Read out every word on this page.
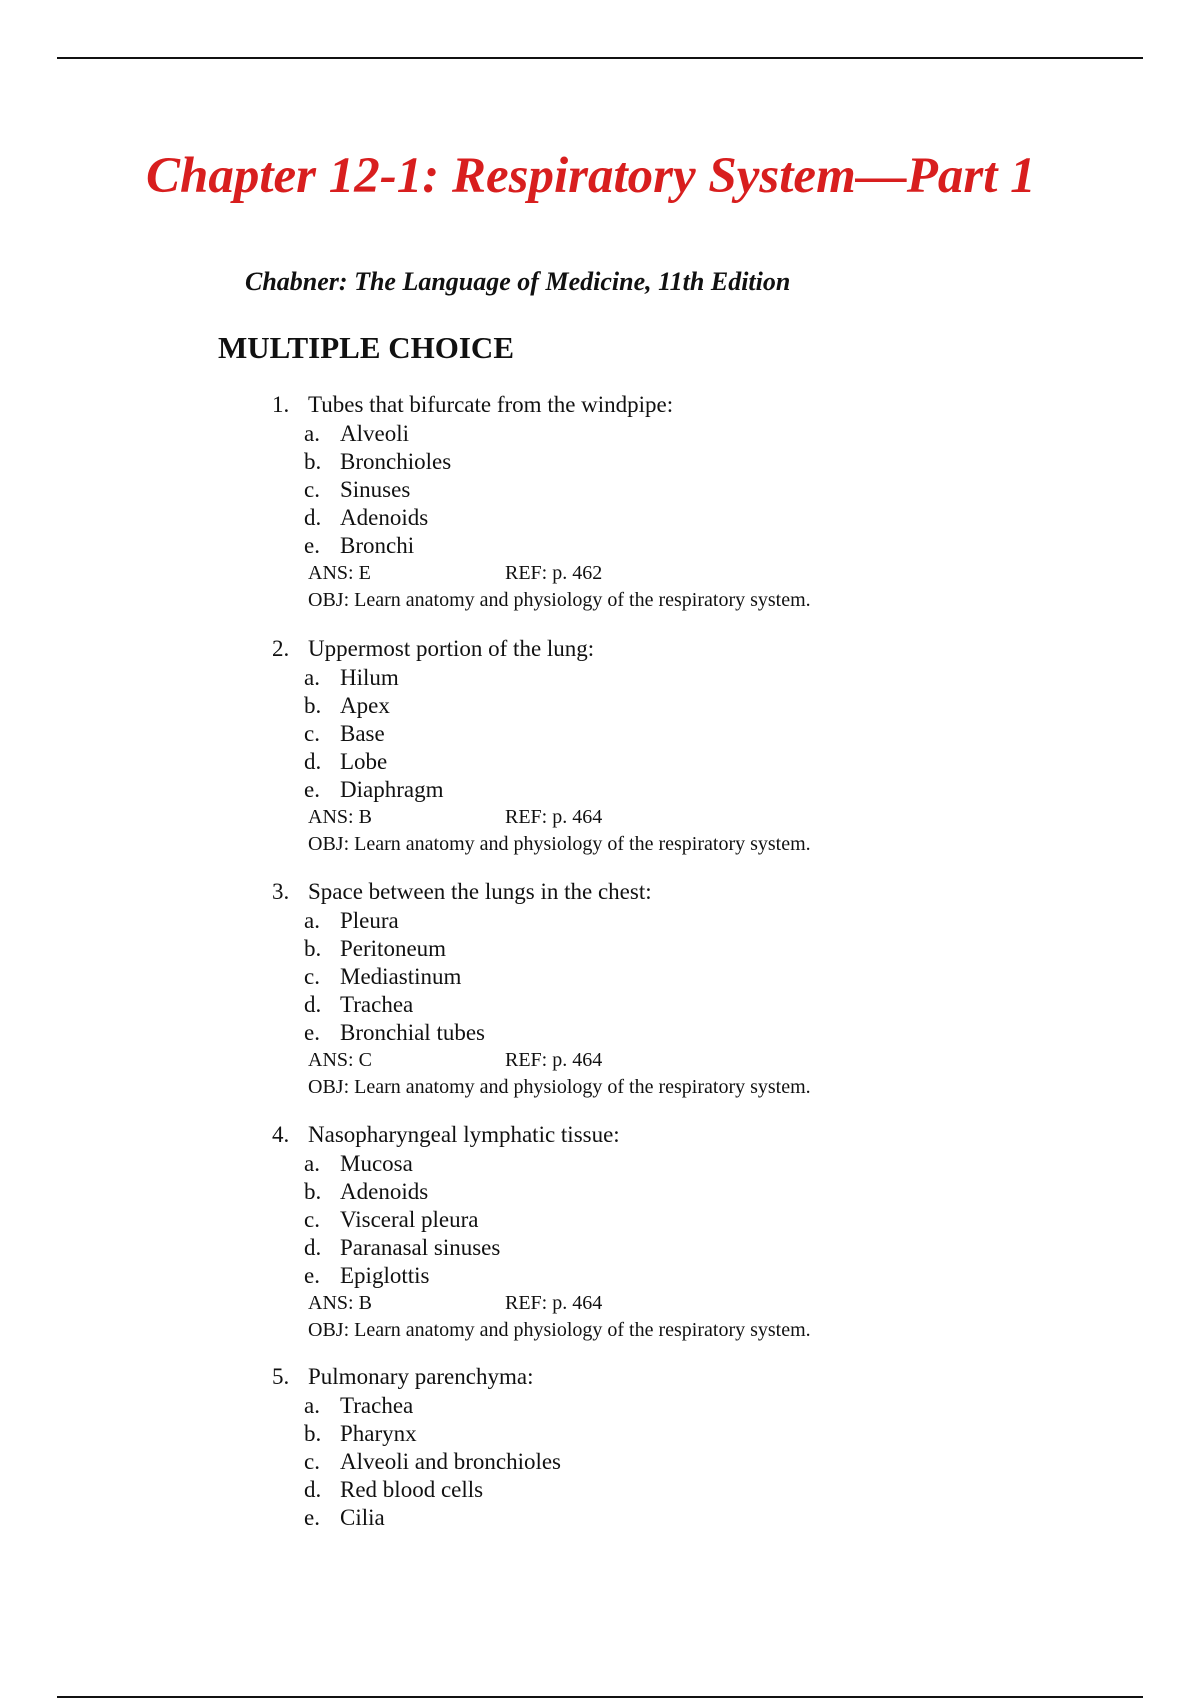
Chapter 12-1: Respiratory System—Part 1
Chabner: The Language of Medicine, 11th Edition
MULTIPLE CHOICE
1. Tubes that bifurcate from the windpipe:
a. Alveoli
b. Bronchioles
c. Sinuses
d. Adenoids
e. Bronchi
ANS: E	REF: p. 462
OBJ: Learn anatomy and physiology of the respiratory system.
2. Uppermost portion of the lung:
a. Hilum
b. Apex
c. Base
d. Lobe
e. Diaphragm
ANS: B	REF: p. 464
OBJ: Learn anatomy and physiology of the respiratory system.
3. Space between the lungs in the chest:
a. Pleura
b. Peritoneum
c. Mediastinum
d. Trachea
e. Bronchial tubes
ANS: C	REF: p. 464
OBJ: Learn anatomy and physiology of the respiratory system.
4. Nasopharyngeal lymphatic tissue:
a. Mucosa
b. Adenoids
c. Visceral pleura
d. Paranasal sinuses
e. Epiglottis
ANS: B	REF: p. 464
OBJ: Learn anatomy and physiology of the respiratory system.
5. Pulmonary parenchyma:
a. Trachea
b. Pharynx
c. Alveoli and bronchioles
d. Red blood cells
e. Cilia
